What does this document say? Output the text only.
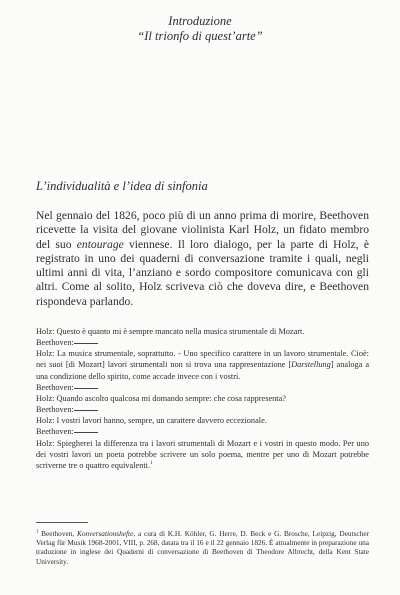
Introduzione
“Il trionfo di quest’arte”
L’individualità e l’idea di sinfonia

Nel gennaio del 1826, poco più di un anno prima di morire, Beethoven ricevette la visita del giovane violinista Karl Holz, un fidato membro del suo entourage viennese. Il loro dialogo, per la parte di Holz, è registrato in uno dei quaderni di conversazione tramite i quali, negli ultimi anni di vita, l’anziano e sordo compositore comunicava con gli altri. Come al solito, Holz scriveva ciò che doveva dire, e Beethoven rispondeva parlando.

Holz: Questo è quanto mi è sempre mancato nella musica strumentale di Mozart.

Beethoven:

Holz: La musica strumentale, soprattutto. - Uno specifico carattere in un lavoro strumentale. Cioè: nei suoi [di Mozart] lavori strumentali non si trova una rappresentazione [Darstellung] analoga a una condizione dello spirito, come accade invece con i vostri.

Beethoven:

Holz: Quando ascolto qualcosa mi domando sempre: che cosa rappresenta?

Beethoven:

Holz: I vostri lavori hanno, sempre, un carattere davvero eccezionale.

Beethoven:

Holz: Spiegherei la differenza tra i lavori strumentali di Mozart e i vostri in questo modo. Per uno dei vostri lavori un poeta potrebbe scrivere un solo poema, mentre per uno di Mozart potrebbe scriverne tre o quattro equivalenti.$^1$

$^1$ Beethoven, Konversationshefte, a cura di K.H. Köhler, G. Herre, D. Beck e G. Brosche, Leipzig, Deutscher Verlag für Musik 1968-2001, VIII, p. 268, datata tra il 16 e il 22 gennaio 1826. È attualmente in preparazione una traduzione in inglese dei Quaderni di conversazione di Beethoven di Theodore Albrecht, della Kent State University.
